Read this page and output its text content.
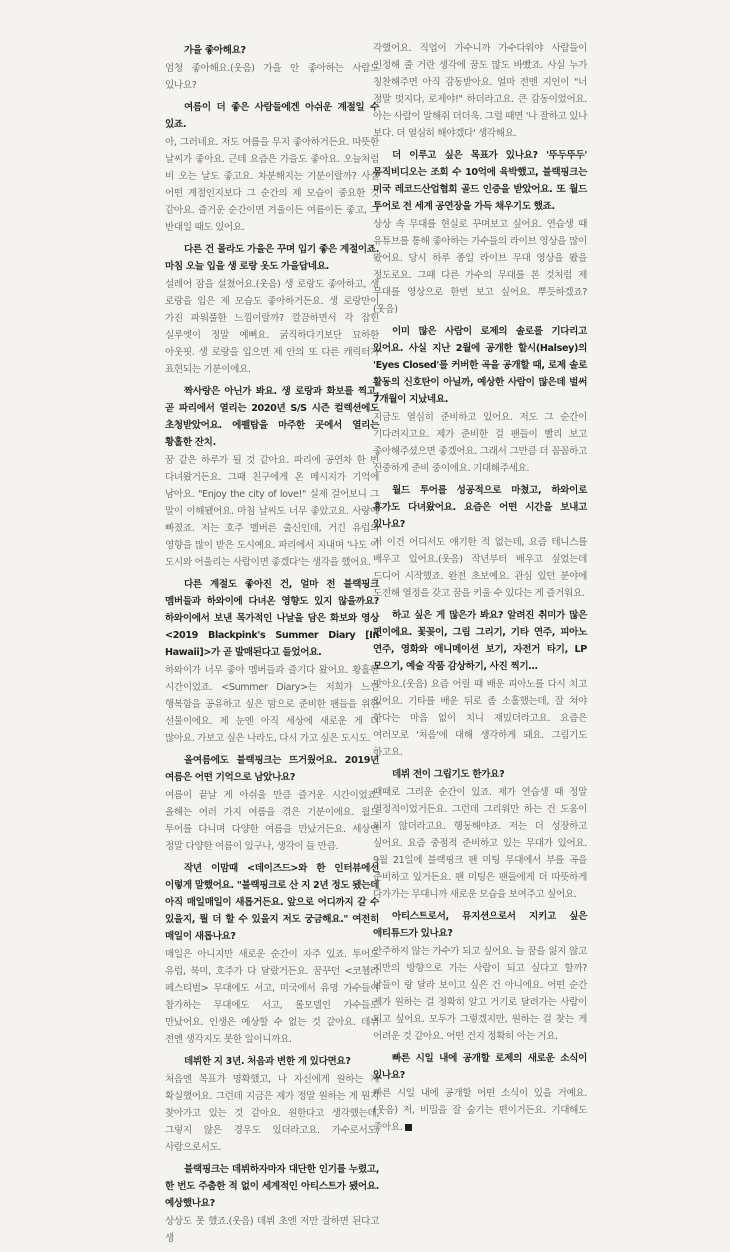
가을 좋아해요?

엄청 좋아해요.(웃음) 가을 안 좋아하는 사람도 있나요?

여름이 더 좋은 사람들에겐 아쉬운 계절일 수 있죠.

아, 그러네요. 저도 여름을 무지 좋아하거든요. 따뜻한 날씨가 좋아요. 근데 요즘은 가을도 좋아요. 오늘처럼 비 오는 날도 좋고요. 차분해지는 기분이랄까? 사실 어떤 계절인지보다 그 순간의 제 모습이 중요한 것 같아요. 즐거운 순간이면 겨울이든 여름이든 좋고, 그 반대일 때도 있어요.

다른 건 몰라도 가을은 꾸며 입기 좋은 계절이죠. 마침 오늘 입을 생 로랑 옷도 가을답네요.

설레어 잠을 설쳤어요.(웃음) 생 로랑도 좋아하고, 생 로랑을 입은 제 모습도 좋아하거든요. 생 로랑만이 가진 파워풀한 느낌이랄까? 깔끔하면서 각 잡힌 실루엣이 정말 예뻐요. 굵직하다기보단 묘하한 아웃핏. 생 로랑을 입으면 제 안의 또 다른 캐릭터가 표현되는 기분이에요.

짝사랑은 아닌가 봐요. 생 로랑과 화보를 찍고, 곧 파리에서 열리는 2020년 S/S 시즌 컬렉션에도 초청받았어요. 에펠탑을 마주한 곳에서 열리는 황홀한 잔치.

꿈 같은 하루가 될 것 같아요. 파리에 공연차 한 번 다녀왔거든요. 그때 친구에게 온 메시지가 기억에 남아요. "Enjoy the city of love!" 실제 걸어보니 그 말이 이해됐어요. 마침 날씨도 너무 좋았고요. 사랑에 빠졌죠. 저는 호주 멜버른 출신인데, 거긴 유럽의 영향을 많이 받은 도시예요. 파리에서 지내며 '나도 이 도시와 어울리는 사람이면 좋겠다'는 생각을 했어요.

다른 계절도 좋아진 건, 얼마 전 블랙핑크 멤버들과 하와이에 다녀온 영향도 있지 않을까요? 하와이에서 보낸 목가적인 나날을 담은 화보와 영상 <2019 Blackpink's Summer Diary [In Hawaii]>가 곧 발매된다고 들었어요.

하와이가 너무 좋아 멤버들과 즐기다 왔어요. 황홀한 시간이었죠. <Summer Diary>는 저희가 느낀 행복함을 공유하고 싶은 맘으로 준비한 팬들을 위한 선물이에요. 제 눈엔 아직 세상에 새로운 게 더 많아요. 가보고 싶은 나라도, 다시 가고 싶은 도시도.

올여름에도 블랙핑크는 뜨거웠어요. 2019년 여름은 어떤 기억으로 남았나요?

여름이 끝날 게 아쉬울 만큼 즐거운 시간이었죠. 올해는 여러 가지 여름을 겪은 기분이에요. 월드 투어를 다니며 다양한 여름을 만났거든요. 세상엔 정말 다양한 여름이 있구나, 생각이 들 만큼.

작년 이맘때 <데이즈드>와 한 인터뷰에선 이렇게 말했어요. "블랙핑크로 산 지 2년 정도 됐는데 아직 매일매일이 새롭거든요. 앞으로 어디까지 갈 수 있을지, 뭘 더 할 수 있을지 저도 궁금해요." 여전히 매일이 새롭나요?

매일은 아니지만 새로운 순간이 자주 있죠. 투어도 유럽, 북미, 호주가 다 달랐거든요. 꿈꾸던 <코첼라 페스티벌> 무대에도 서고, 미국에서 유명 가수들이 참가하는 무대에도 서고, 롤모델인 가수들도 만났어요. 인생은 예상할 수 없는 것 같아요. 데뷔 전엔 생각지도 못한 일이니까요.

데뷔한 지 3년. 처음과 변한 게 있다면요?

처음엔 목표가 명확했고, 나 자신에게 원하는 게 확실했어요. 그런데 지금은 제가 정말 원하는 게 뭔지 찾아가고 있는 것 같아요. 원한다고 생각했는데, 그렇지 않은 경우도 있더라고요. 가수로서도, 사람으로서도.

블랙핑크는 데뷔하자마자 대단한 인기를 누렸고, 한 번도 주춤한 적 없이 세계적인 아티스트가 됐어요. 예상했나요?

상상도 못 했죠.(웃음) 데뷔 초엔 저만 잘하면 된다고 생

각했어요. 직업이 가수니까 가수다워야 사람들이 인정해 줄 거란 생각에 꿈도 많도 바빴죠. 사실 누가 칭찬해주면 아직 감동받아요. 얼마 전엔 지인이 "너 정말 멋지다, 로제야!" 하더라고요. 큰 감동이었어요. 아는 사람이 말해줘 더더욱. 그럴 때면 '나 잘하고 있나 보다. 더 열심히 해야겠다' 생각해요.

더 이루고 싶은 목표가 있나요? '뚜두뚜두' 뮤직비디오는 조회 수 10억에 육박했고, 블랙핑크는 미국 레코드산업협회 골드 인증을 받았어요. 또 월드 투어로 전 세계 공연장을 가득 채우기도 했죠.

상상 속 무대를 현실로 꾸며보고 싶어요. 연습생 때 유튜브를 통해 좋아하는 가수들의 라이브 영상을 많이 봤어요. 당시 하루 종일 라이브 무대 영상을 봤을 정도로요. 그때 다른 가수의 무대를 본 것처럼 제 무대를 영상으로 한번 보고 싶어요. 뿌듯하겠죠?(웃음)

이미 많은 사람이 로제의 솔로를 기다리고 있어요. 사실 지난 2월에 공개한 할시(Halsey)의 'Eyes Closed'를 커버한 곡을 공개할 때, 로제 솔로 활동의 신호탄이 아닐까, 예상한 사람이 많은데 벌써 7개월이 지났네요.

지금도 열심히 준비하고 있어요. 저도 그 순간이 기다려지고요. 제가 준비한 걸 팬들이 빨리 보고 좋아해주셨으면 좋겠어요. 그래서 그만큼 더 꼼꼼하고 신중하게 준비 중이에요. 기대해주세요.

월드 투어를 성공적으로 마쳤고, 하와이로 휴가도 다녀왔어요. 요즘은 어떤 시간을 보내고 있나요?

저 이건 어디서도 얘기한 적 없는데, 요즘 테니스를 배우고 있어요.(웃음) 작년부터 배우고 싶었는데 드디어 시작했죠. 완전 초보예요. 관심 있던 분야에 도전해 열정을 갖고 꿈을 키울 수 있다는 게 즐거워요.

하고 싶은 게 많은가 봐요? 알려진 취미가 많은 편이에요. 꽃꽂이, 그림 그리기, 기타 연주, 피아노 연주, 영화와 애니메이션 보기, 자전거 타기, LP 모으기, 예술 작품 감상하기, 사진 찍기…

맞아요.(웃음) 요즘 어릴 때 배운 피아노를 다시 치고 있어요. 기타를 배운 뒤로 좀 소홀했는데, 잘 쳐야 한다는 마음 없이 치니 재밌더라고요. 요즘은 여러모로 '처음'에 대해 생각하게 돼요. 그림기도 하고요.

데뷔 전이 그립기도 한가요?

때때로 그리운 순간이 있죠. 제가 연습생 때 정말 열정적이었거든요. 그런데 그리워만 하는 건 도움이 되지 않더라고요. 행동해야죠. 저는 더 성장하고 싶어요. 요즘 중점적 준비하고 있는 무대가 있어요. 9월 21일에 블랙핑크 팬 미팅 무대에서 부를 곡을 준비하고 있거든요. 팬 미팅은 팬들에게 더 따뜻하게 다가가는 무대니까 새로운 모습을 보여주고 싶어요.

아티스트로서, 뮤지션으로서 지키고 싶은 애티튜드가 있나요?

안주하지 않는 가수가 되고 싶어요. 늘 꿈을 잃지 않고 지만의 방향으로 가는 사람이 되고 싶다고 할까? 남들이 랑 달라 보이고 싶은 건 아니에요. 어떤 순간 제가 원하는 걸 정확히 알고 거기로 달려가는 사람이 되고 싶어요. 모두가 그렇겠지만, 원하는 걸 찾는 게 어려운 것 같아요. 어떤 건지 정확히 아는 거요.

빠른 시일 내에 공개할 로제의 새로운 소식이 있나요?

빠른 시일 내에 공개할 어떤 소식이 있을 거예요.(웃음) 저, 비밀을 잘 숨기는 편이거든요. 기대해도 좋아요.
